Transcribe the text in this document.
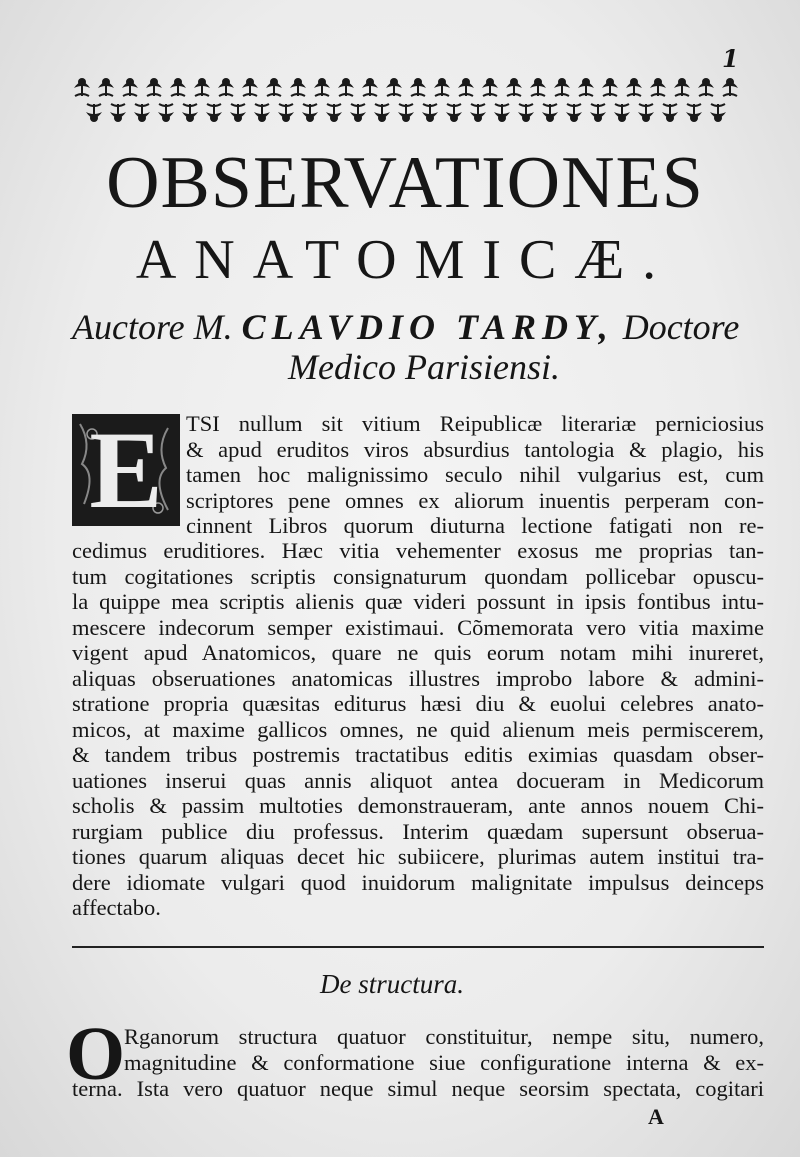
1
OBSERVATIONES
ANATOMICÆ.
Auctore M. CLAVDIO TARDY, Doctore
Medico Parisiensi.
E	TSI nullum sit vitium Reipublicæ literariæ perniciosius
& apud eruditos viros absurdius tantologia & plagio, his
tamen hoc malignissimo seculo nihil vulgarius est, cum
scriptores pene omnes ex aliorum inuentis perperam con-
cinnent Libros quorum diuturna lectione fatigati non re-
cedimus eruditiores. Hæc vitia vehementer exosus me proprias tan-
tum cogitationes scriptis consignaturum quondam pollicebar opuscu-
la quippe mea scriptis alienis quæ videri possunt in ipsis fontibus intu-
mescere indecorum semper existimaui. Cõmemorata vero vitia maxime
vigent apud Anatomicos, quare ne quis eorum notam mihi inureret,
aliquas obseruationes anatomicas illustres improbo labore & admini-
stratione propria quæsitas editurus hæsi diu & euolui celebres anato-
micos, at maxime gallicos omnes, ne quid alienum meis permiscerem,
& tandem tribus postremis tractatibus editis eximias quasdam obser-
uationes inserui quas annis aliquot antea docueram in Medicorum
scholis & passim multoties demonstraueram, ante annos nouem Chi-
rurgiam publice diu professus. Interim quædam supersunt obserua-
tiones quarum aliquas decet hic subiicere, plurimas autem institui tra-
dere idiomate vulgari quod inuidorum malignitate impulsus deinceps
affectabo.
De structura.
O
Rganorum structura quatuor constituitur, nempe situ, numero,
magnitudine & conformatione siue configuratione interna & ex-
terna. Ista vero quatuor neque simul neque seorsim spectata, cogitari
A
